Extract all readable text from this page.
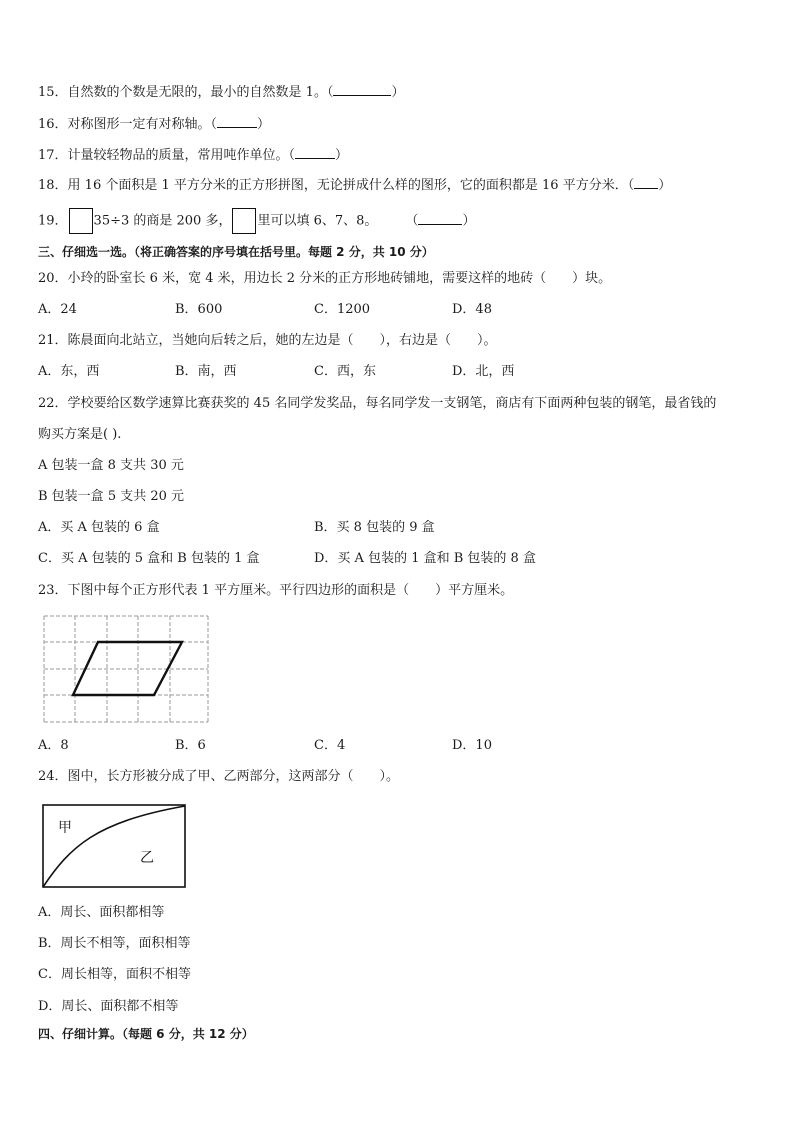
15．自然数的个数是无限的，最小的自然数是 1。（	）
16．对称图形一定有对称轴。（	）
17．计量较轻物品的质量，常用吨作单位。（	）
18．用 16 个面积是 1 平方分米的正方形拼图，无论拼成什么样的图形，它的面积都是 16 平方分米．（ ）
19． 35÷3 的商是 200 多， 里可以填 6、7、8。 （	）
三、仔细选一选。（将正确答案的序号填在括号里。每题 2 分，共 10 分）
20．小玲的卧室长 6 米，宽 4 米，用边长 2 分米的正方形地砖铺地，需要这样的地砖（　　）块。
A．24	B．600	C．1200	D．48
21．陈晨面向北站立，当她向后转之后，她的左边是（　　），右边是（　　）。
A．东，西	B．南，西	C．西，东	D．北，西
22．学校要给区数学速算比赛获奖的 45 名同学发奖品，每名同学发一支钢笔，商店有下面两种包装的钢笔，最省钱的
购买方案是( ).
A 包装一盒 8 支共 30 元
B 包装一盒 5 支共 20 元
A．买 A 包装的 6 盒	B．买 8 包装的 9 盒
C．买 A 包装的 5 盒和 B 包装的 1 盒	D．买 A 包装的 1 盒和 B 包装的 8 盒
23．下图中每个正方形代表 1 平方厘米。平行四边形的面积是（　　）平方厘米。
A．8	B．6	C．4	D．10
24．图中，长方形被分成了甲、乙两部分，这两部分（　　）。
甲
乙
A．周长、面积都相等
B．周长不相等，面积相等
C．周长相等，面积不相等
D．周长、面积都不相等
四、仔细计算。（每题 6 分，共 12 分）
